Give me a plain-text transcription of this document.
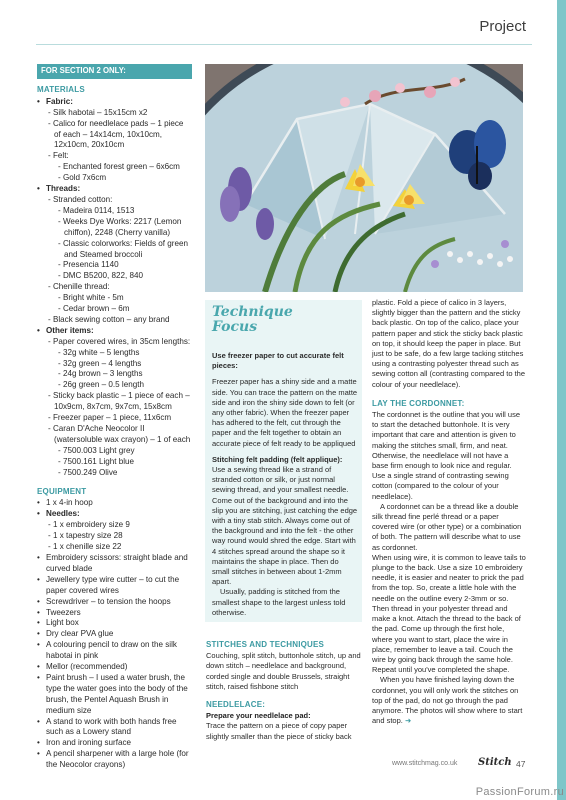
Project
FOR SECTION 2 ONLY:
MATERIALS
• Fabric:
- Silk habotai – 15x15cm x2
- Calico for needlelace pads – 1 piece of each – 14x14cm, 10x10cm, 12x10cm, 20x10cm
- Felt:
- Enchanted forest green – 6x6cm
- Gold 7x6cm
• Threads:
- Stranded cotton:
- Madeira 0114, 1513
- Weeks Dye Works: 2217 (Lemon chiffon), 2248 (Cherry vanilla)
- Classic colorworks: Fields of green and Steamed broccoli
- Presencia 1140
- DMC B5200, 822, 840
- Chenille thread:
- Bright white - 5m
- Cedar brown – 6m
- Black sewing cotton – any brand
• Other items:
- Paper covered wires, in 35cm lengths:
- 32g white – 5 lengths
- 32g green – 4 lengths
- 24g brown – 3 lengths
- 26g green – 0.5 length
- Sticky back plastic – 1 piece of each – 10x9cm, 8x7cm, 9x7cm, 15x8cm
- Freezer paper – 1 piece, 11x6cm
- Caran D'Ache Neocolor II (watersoluble wax crayon) – 1 of each
- 7500.003 Light grey
- 7500.161 Light blue
- 7500.249 Olive
EQUIPMENT
• 1 x 4-in hoop
• Needles:
- 1 x embroidery size 9
- 1 x tapestry size 28
- 1 x chenille size 22
• Embroidery scissors: straight blade and curved blade
• Jewellery type wire cutter – to cut the paper covered wires
• Screwdriver – to tension the hoops
• Tweezers
• Light box
• Dry clear PVA glue
• A colouring pencil to draw on the silk habotai in pink
• Mellor (recommended)
• Paint brush – I used a water brush, the type the water goes into the body of the brush, the Pentel Aquash Brush in medium size
• A stand to work with both hands free such as a Lowery stand
• Iron and ironing surface
• A pencil sharpener with a large hole (for the Neocolor crayons)
Technique
Focus

Use freezer paper to cut accurate felt pieces:

Freezer paper has a shiny side and a matte side. You can trace the pattern on the matte side and iron the shiny side down to felt (or any other fabric). When the freezer paper has adhered to the felt, cut through the paper and the felt together to obtain an accurate piece of felt ready to be appliqued

Stitching felt padding (felt applique):

Use a sewing thread like a strand of stranded cotton or silk, or just normal sewing thread, and your smallest needle. Come out of the background and into the slip you are stitching, just catching the edge with a tiny stab stitch. Always come out of the background and into the felt - the other way round would shred the edge. Start with 4 stitches spread around the shape so it maintains the shape in place. Then do small stitches in between about 1-2mm apart.

Usually, padding is stitched from the smallest shape to the largest unless told otherwise.

STITCHES AND TECHNIQUES

Couching, split stitch, buttonhole stitch, up and down stitch – needlelace and background, corded single and double Brussels, straight stitch, raised fishbone stitch

NEEDLELACE:

Prepare your needlelace pad:

Trace the pattern on a piece of copy paper slightly smaller than the piece of sticky back

plastic. Fold a piece of calico in 3 layers, slightly bigger than the pattern and the sticky back plastic. On top of the calico, place your pattern paper and stick the sticky back plastic on top, it should keep the paper in place. But just to be safe, do a few large tacking stitches using a contrasting polyester thread such as sewing cotton all (contrasting compared to the colour of your needlelace).

LAY THE CORDONNET:

The cordonnet is the outline that you will use to start the detached buttonhole. It is very important that care and attention is given to making the stitches small, firm, and neat. Otherwise, the needlelace will not have a base firm enough to look nice and regular. Use a single strand of contrasting sewing cotton (compared to the colour of your needlelace).

A cordonnet can be a thread like a double silk thread fine perlé thread or a paper covered wire (or other type) or a combination of both. The pattern will describe what to use as cordonnet.

When using wire, it is common to leave tails to plunge to the back. Use a size 10 embroidery needle, it is easier and neater to prick the pad from the top. So, create a little hole with the needle on the outline every 2-3mm or so. Then thread in your polyester thread and make a knot. Attach the thread to the back of the pad. Come up through the first hole, where you want to start, place the wire in place, remember to leave a tail. Couch the wire by going back through the same hole. Repeat until you've completed the shape.

When you have finished laying down the cordonnet, you will only work the stitches on top of the pad, do not go through the pad anymore. The photos will show where to start and stop. ➜

www.stitchmag.co.uk Stitch 47
PassionForum.ru
